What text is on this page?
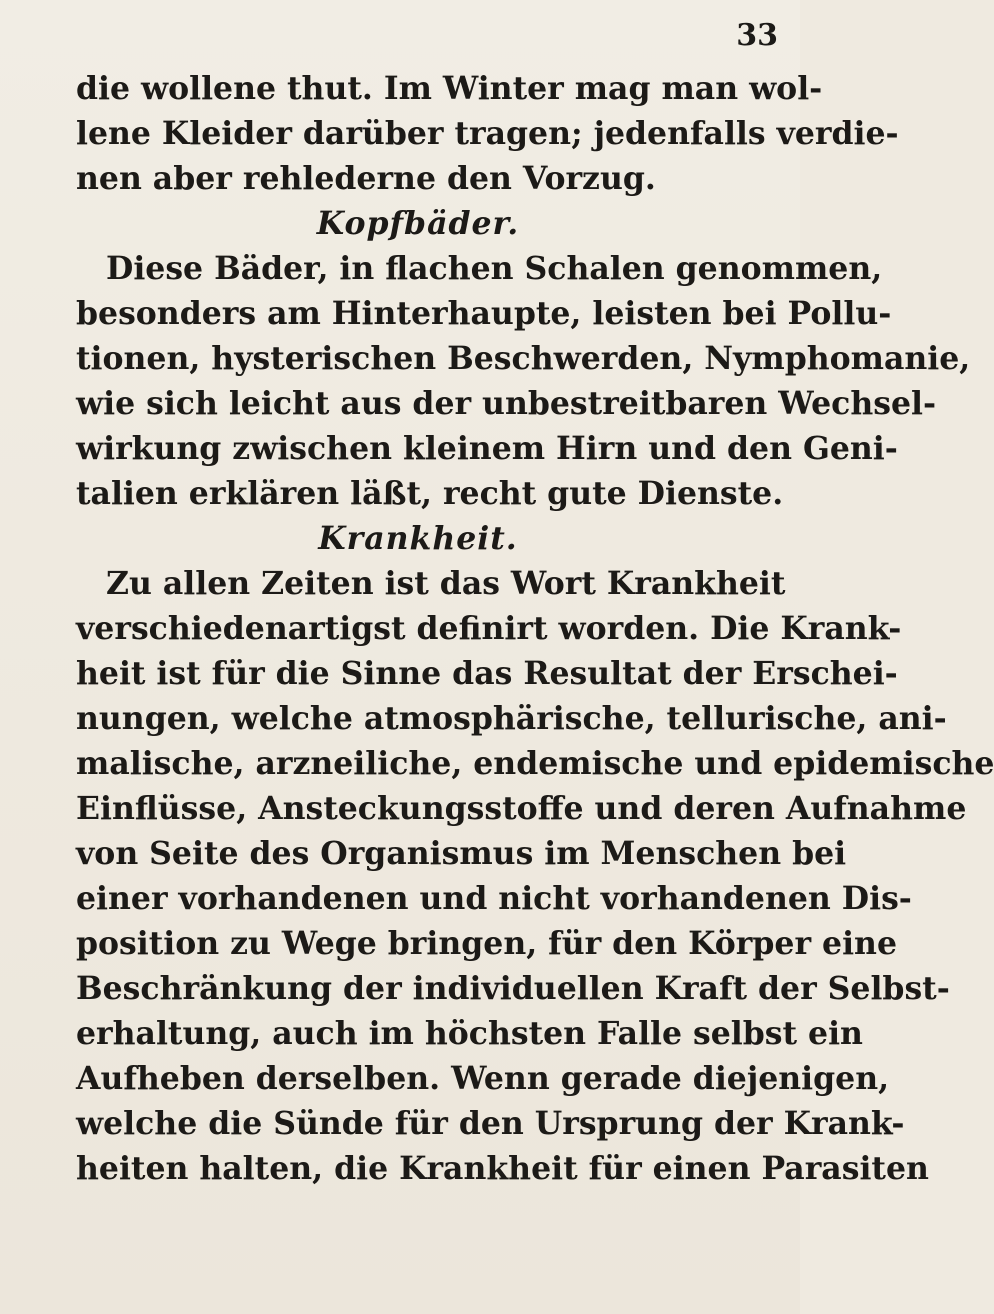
33
die wollene thut. Im Winter mag man wol-
lene Kleider darüber tragen; jedenfalls verdie-
nen aber rehlederne den Vorzug.
Kopfbäder.
Diese Bäder, in flachen Schalen genommen,
besonders am Hinterhaupte, leisten bei Pollu-
tionen, hysterischen Beschwerden, Nymphomanie,
wie sich leicht aus der unbestreitbaren Wechsel-
wirkung zwischen kleinem Hirn und den Geni-
talien erklären läßt, recht gute Dienste.
Krankheit.
Zu allen Zeiten ist das Wort Krankheit
verschiedenartigst definirt worden. Die Krank-
heit ist für die Sinne das Resultat der Erschei-
nungen, welche atmosphärische, tellurische, ani-
malische, arzneiliche, endemische und epidemische
Einflüsse, Ansteckungsstoffe und deren Aufnahme
von Seite des Organismus im Menschen bei
einer vorhandenen und nicht vorhandenen Dis-
position zu Wege bringen, für den Körper eine
Beschränkung der individuellen Kraft der Selbst-
erhaltung, auch im höchsten Falle selbst ein
Aufheben derselben. Wenn gerade diejenigen,
welche die Sünde für den Ursprung der Krank-
heiten halten, die Krankheit für einen Parasiten
